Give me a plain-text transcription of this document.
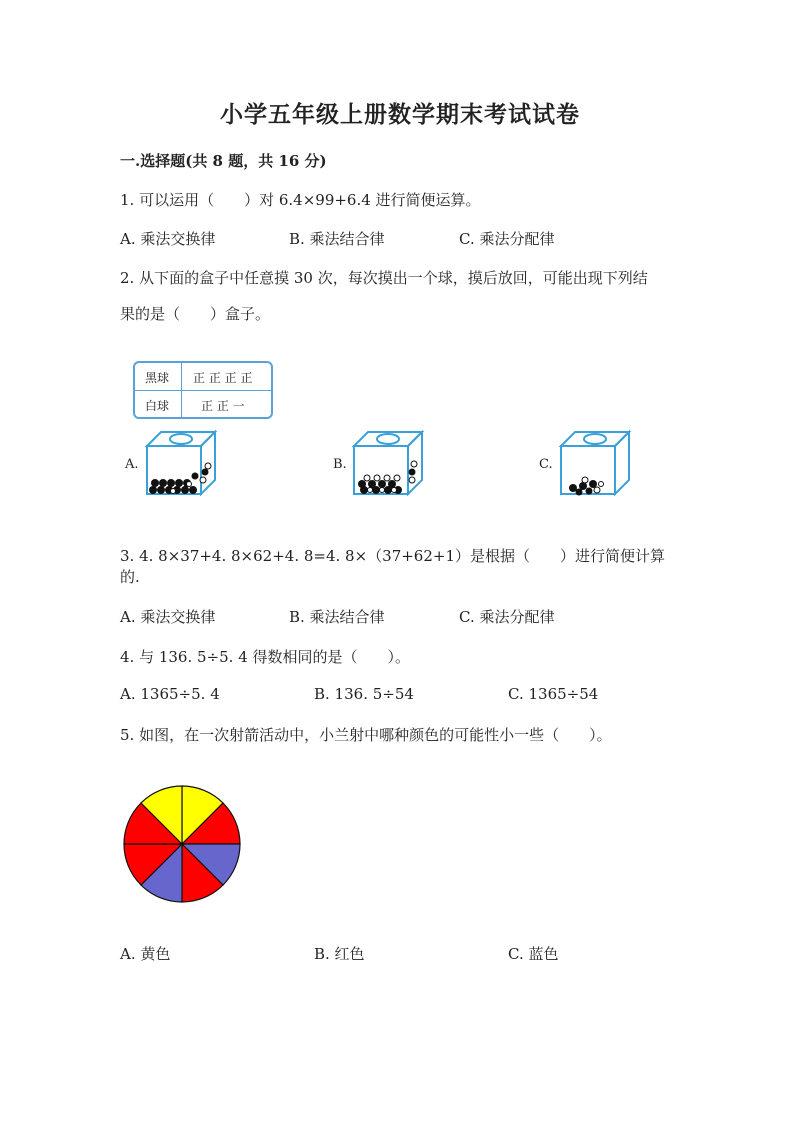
小学五年级上册数学期末考试试卷
一.选择题(共 8 题，共 16 分)
1. 可以运用（　　）对 6.4×99+6.4 进行简便运算。
A. 乘法交换律	B. 乘法结合律	C. 乘法分配律
2. 从下面的盒子中任意摸 30 次，每次摸出一个球，摸后放回，可能出现下列结
果的是（　　）盒子。
黑球 正 正 正 正
白球	正 正 一
A.	B.	C.
3. 4. 8×37+4. 8×62+4. 8=4. 8×（37+62+1）是根据（　　）进行简便计算
的.
A. 乘法交换律	B. 乘法结合律	C. 乘法分配律
4. 与 136. 5÷5. 4 得数相同的是（　　）。
A. 1365÷5. 4	B. 136. 5÷54	C. 1365÷54
5. 如图，在一次射箭活动中，小兰射中哪种颜色的可能性小一些（　　）。
A. 黄色	B. 红色	C. 蓝色
